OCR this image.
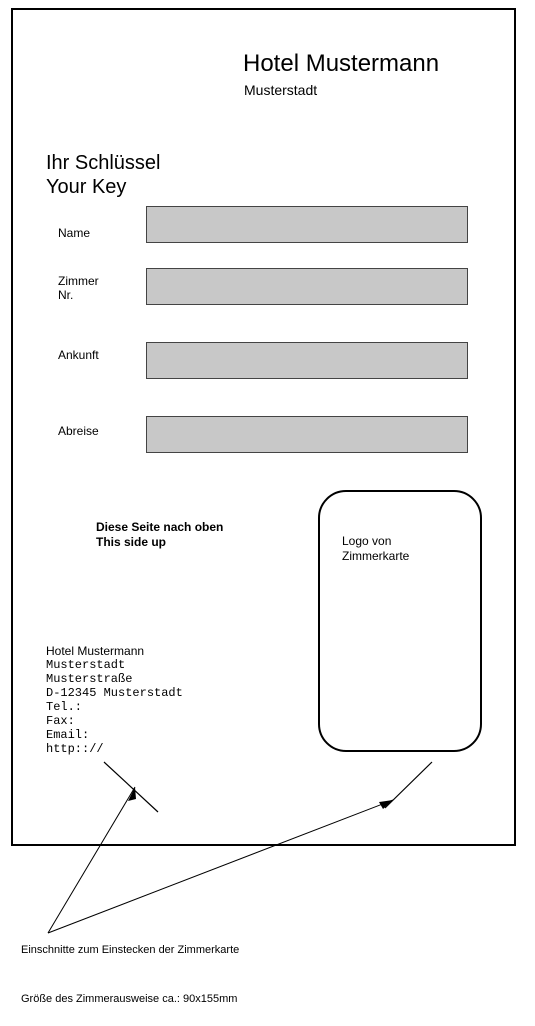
Hotel Mustermann
Musterstadt
Ihr Schlüssel
Your Key
Name
Zimmer
Nr.
Ankunft
Abreise
Diese Seite nach oben
This side up	Logo von
Zimmerkarte
Hotel Mustermann
Musterstadt
Musterstraße
D-12345 Musterstadt
Tel.:
Fax:
Email:
http:://
Einschnitte zum Einstecken der Zimmerkarte
Größe des Zimmerausweise ca.: 90x155mm
